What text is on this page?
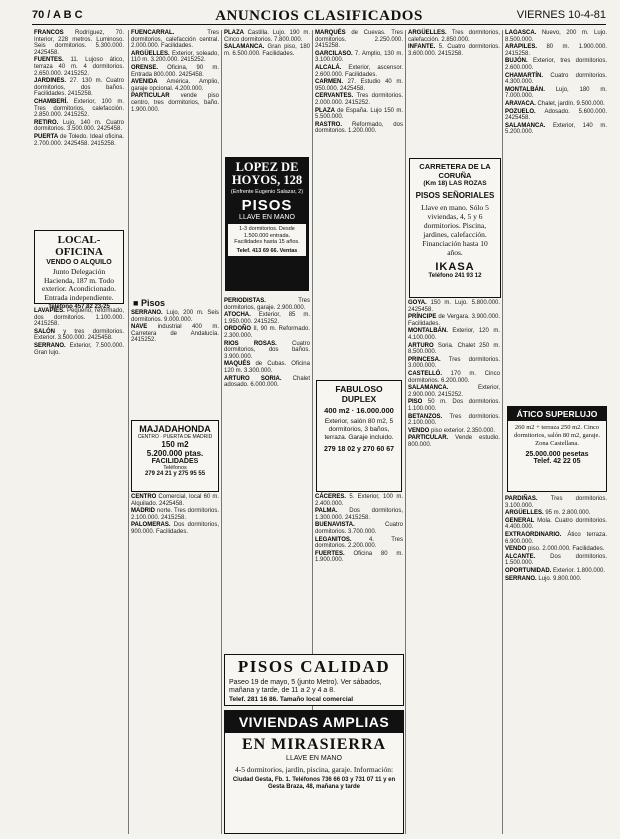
70 / A B C	ANUNCIOS CLASIFICADOS	VIERNES 10-4-81

FRANCOS Rodríguez, 70. Interior, 228 metros. Luminoso. Seis dormitorios. 5.300.000. 2425458.

FUENTES. 11. Lujoso ático, terraza 40 m. 4 dormitorios. 2.650.000. 2415252.

JARDINES. 27. 130 m. Cuatro dormitorios, dos baños. Facilidades. 2415258.

CHAMBERÍ. Exterior, 100 m. Tres dormitorios, calefacción. 2.850.000. 2415252.

RETIRO. Lujo, 140 m. Cuatro dormitorios. 3.500.000. 2425458.

PUERTA de Toledo. Ideal oficina. 2.700.000. 2425458. 2415258.

LAVAPIÉS. Pequeño, reformado, dos dormitorios. 1.100.000. 2415258.

SALÓN y tres dormitorios. Exterior. 3.500.000. 2425458.

SERRANO. Exterior, 7.500.000. Gran lujo.

FUENCARRAL. Tres dormitorios, calefacción central. 2.000.000. Facilidades.

ARGÜELLES. Exterior, soleado, 110 m. 3.200.000. 2415252.

ORENSE. Oficina, 90 m. Entrada 800.000. 2425458.

AVENIDA América. Amplio, garaje opcional. 4.200.000.

PARTICULAR vende piso centro, tres dormitorios, baño. 1.900.000.

SERRANO. Lujo, 200 m. Seis dormitorios. 9.000.000.

NAVE industrial 400 m. Carretera de Andalucía. 2415252.

CENTRO Comercial, local 60 m. Alquilado. 2425458.

MADRID norte. Tres dormitorios. 2.100.000. 2415258.

PALOMERAS. Dos dormitorios, 900.000. Facilidades.

PLAZA Castilla. Lujo. 190 m. Cinco dormitorios. 7.800.000.

SALAMANCA. Gran piso, 180 m. 6.500.000. Facilidades.

PERIODISTAS. Tres dormitorios, garaje. 2.900.000.

ATOCHA. Exterior, 85 m. 1.950.000. 2415252.

ORDOÑO II, 90 m. Reformado. 2.300.000.

RIOS ROSAS. Cuatro dormitorios, dos baños. 3.900.000.

MAQUÉS de Cubas. Oficina 120 m. 3.300.000.

ARTURO SORIA. Chalet adosado. 6.000.000.

MARQUÉS de Cuevas. Tres dormitorios. 2.250.000. 2415258.

GARCILASO. 7. Amplio, 130 m. 3.100.000.

ALCALÁ. Exterior, ascensor. 2.600.000. Facilidades.

CARMEN. 27. Estudio 40 m. 950.000. 2425458.

CERVANTES. Tres dormitorios. 2.000.000. 2415252.

PLAZA de España. Lujo 150 m. 5.500.000.

RASTRO. Reformado, dos dormitorios. 1.200.000.

CÁCERES. 5. Exterior, 100 m. 2.400.000.

PALMA. Dos dormitorios, 1.300.000. 2415258.

BUENAVISTA. Cuatro dormitorios. 3.700.000.

LEGANITOS. 4. Tres dormitorios. 2.200.000.

FUERTES. Oficina 80 m. 1.900.000.

ARGÜELLES. Tres dormitorios, calefacción. 2.850.000.

INFANTE. 5. Cuatro dormitorios. 3.600.000. 2415258.

GOYA. 150 m. Lujo. 5.800.000. 2425458.

PRÍNCIPE de Vergara. 3.900.000. Facilidades.

MONTALBÁN. Exterior, 120 m. 4.100.000.

ARTURO Soria. Chalet 250 m. 8.500.000.

PRINCESA. Tres dormitorios. 3.000.000.

CASTELLÓ. 170 m. Cinco dormitorios. 6.200.000.

SALAMANCA. Exterior, 2.900.000. 2415252.

PISO 50 m. Dos dormitorios. 1.100.000.

BETANZOS. Tres dormitorios. 2.100.000.

VENDO piso exterior. 2.350.000.

PARTICULAR. Vende estudio. 800.000.

LAGASCA. Nuevo, 200 m. Lujo. 8.500.000.

ARAPILES. 80 m. 1.900.000. 2415258.

BUJÓN. Exterior, tres dormitorios. 2.600.000.

CHAMARTÍN. Cuatro dormitorios. 4.300.000.

MONTALBÁN. Lujo, 180 m. 7.000.000.

ARAVACA. Chalet, jardín. 9.500.000.

POZUELO. Adosado. 5.600.000. 2425458.

SALAMANCA. Exterior, 140 m. 5.200.000.

PARDIÑAS. Tres dormitorios. 3.100.000.

ARGÜELLES. 95 m. 2.800.000.

GENERAL Mola. Cuatro dormitorios. 4.400.000.

EXTRAORDINARIO. Ático terraza. 6.900.000.

VENDO piso. 2.000.000. Facilidades.

ALCANTE. Dos dormitorios. 1.500.000.

OPORTUNIDAD. Exterior. 1.800.000.

SERRANO. Lujo. 9.800.000.

LOCAL-OFICINA
VENDO O ALQUILO
Junto Delegación Hacienda, 187 m. Todo exterior. Acondicionado. Entrada independiente.
Teléfono 457 82 23-25
LOPEZ DE HOYOS, 128
(Enfrente Eugenio Salazar, 2)
PISOS
LLAVE EN MANO
1-3 dormitorios. Desde 1.500.000 entrada. Facilidades hasta 15 años.
Telef. 413 69 66. Ventas
■ Pisos
MAJADAHONDA
CENTRO · PUERTA DE MADRID
150 m2
5.200.000 ptas.
FACILIDADES
Teléfonos
279 24 21 y 275 95 55
FABULOSO DUPLEX
400 m2 · 16.000.000
Exterior, salón 80 m2, 5 dormitorios, 3 baños, terraza. Garaje incluido.
279 18 02 y 270 60 67
CARRETERA DE LA CORUÑA
(Km 18) LAS ROZAS
PISOS SEÑORIALES
Llave en mano. Sólo 5 viviendas, 4, 5 y 6 dormitorios. Piscina, jardines, calefacción. Financiación hasta 10 años.
IKASA
Teléfono 241 93 12
ÁTICO SUPERLUJO
260 m2 + terraza 250 m2. Cinco dormitorios, salón 80 m2, garaje. Zona Castellana.
25.000.000 pesetas
Telef. 42 22 05
PISOS CALIDAD
Paseo 19 de mayo, 5 (junto Metro). Ver sábados, mañana y tarde, de 11 a 2 y 4 a 8.
Telef. 281 16 86. Tamaño local comercial
VIVIENDAS AMPLIAS
EN MIRASIERRA
LLAVE EN MANO
4-5 dormitorios, jardín, piscina, garaje. Información:
Ciudad Gesta, Fb. 1. Teléfonos 736 66 03 y 731 07 11 y en Gesta Braza, 48, mañana y tarde
